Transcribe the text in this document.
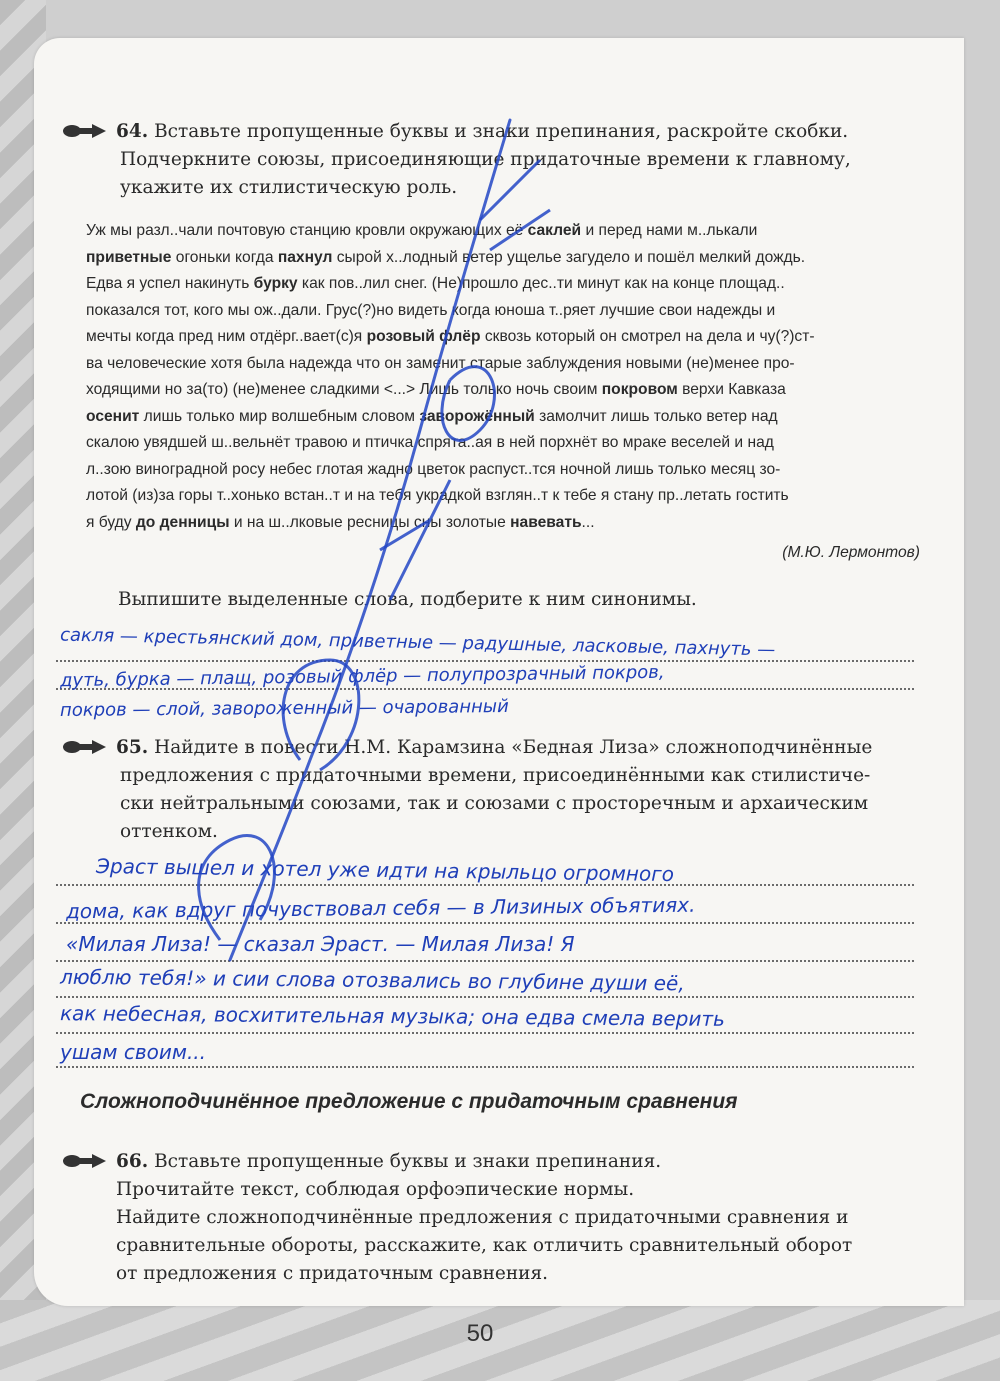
64. Вставьте пропущенные буквы и знаки препинания, раскройте скобки.

Подчеркните союзы, присоединяющие придаточные времени к главному,

укажите их стилистическую роль.

Уж мы разл..чали почтовую станцию кровли окружающих её саклей и перед нами м..лькали
приветные огоньки когда пахнул сырой х..лодный ветер ущелье загудело и пошёл мелкий дождь.
Едва я успел накинуть бурку как пов..лил снег. (Не)прошло дес..ти минут как на конце площад..
показался тот, кого мы ож..дали. Грус(?)но видеть когда юноша т..ряет лучшие свои надежды и
мечты когда пред ним отдёрг..вает(с)я розовый флёр сквозь который он смотрел на дела и чу(?)ст-
ва человеческие хотя была надежда что он заменит старые заблуждения новыми (не)менее про-
ходящими но за(то) (не)менее сладкими <...> Лишь только ночь своим покровом верхи Кавказа
осенит лишь только мир волшебным словом заворожённый замолчит лишь только ветер над
скалою увядшей ш..вельнёт травою и птичка спрята..ая в ней порхнёт во мраке веселей и над
л..зою виноградной росу небес глотая жадно цветок распуст..тся ночной лишь только месяц зо-
лотой (из)за горы т..хонько встан..т и на тебя украдкой взглян..т к тебе я стану пр..летать гостить
я буду до денницы и на ш..лковые ресницы сны золотые навевать...
(М.Ю. Лермонтов)

Выпишите выделенные слова, подберите к ним синонимы.

сакля — крестьянский дом, приветные — радушные, ласковые, пахнуть —
дуть, бурка — плащ, розовый флёр — полупрозрачный покров,
покров — слой, завороженный — очарованный

65. Найдите в повести Н.М. Карамзина «Бедная Лиза» сложноподчинённые

предложения с придаточными времени, присоединёнными как стилистиче-

ски нейтральными союзами, так и союзами с просторечным и архаическим

оттенком.

Эраст вышел и хотел уже идти на крыльцо огромного
дома, как вдруг почувствовал себя — в Лизиных объятиях.
«Милая Лиза! — сказал Эраст. — Милая Лиза! Я
люблю тебя!» и сии слова отозвались во глубине души её,
как небесная, восхитительная музыка; она едва смела верить
ушам своим...
Сложноподчинённое предложение с придаточным сравнения

66. Вставьте пропущенные буквы и знаки препинания.

Прочитайте текст, соблюдая орфоэпические нормы.

Найдите сложноподчинённые предложения с придаточными сравнения и

сравнительные обороты, расскажите, как отличить сравнительный оборот

от предложения с придаточным сравнения.

50
